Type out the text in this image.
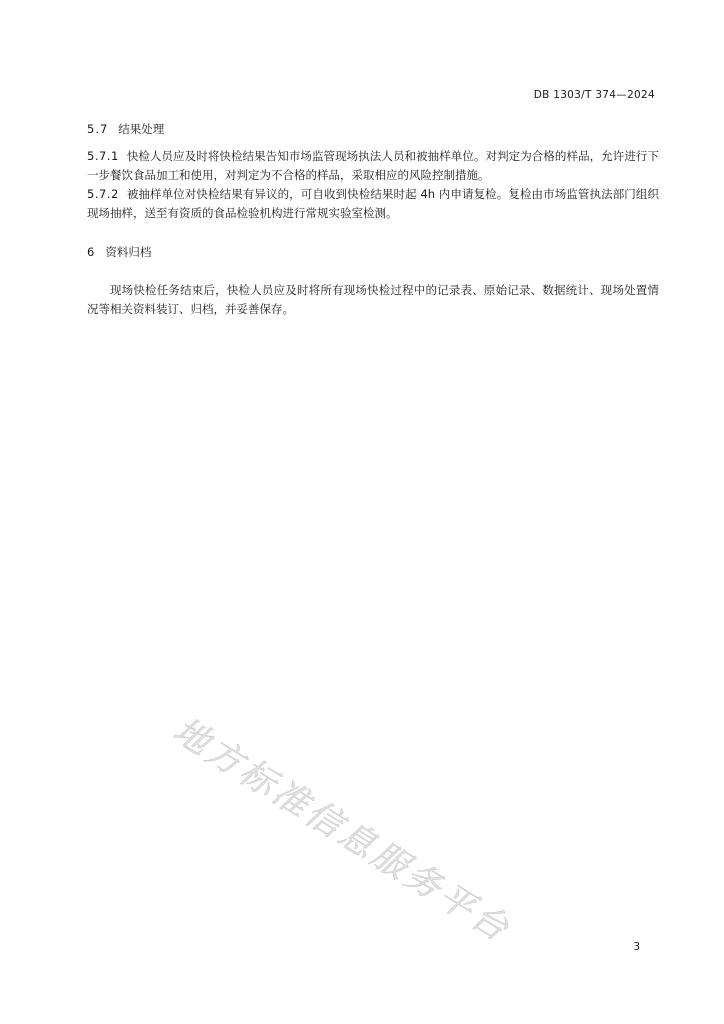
DB 1303/T 374—2024
5.7 结果处理
5.7.1 快检人员应及时将快检结果告知市场监管现场执法人员和被抽样单位。对判定为合格的样品，允许进行下一步餐饮食品加工和使用，对判定为不合格的样品，采取相应的风险控制措施。
5.7.2 被抽样单位对快检结果有异议的，可自收到快检结果时起 4h 内申请复检。复检由市场监管执法部门组织现场抽样，送至有资质的食品检验机构进行常规实验室检测。
6 资料归档
现场快检任务结束后，快检人员应及时将所有现场快检过程中的记录表、原始记录、数据统计、现场处置情况等相关资料装订、归档，并妥善保存。
地方标准信息服务平台	3
